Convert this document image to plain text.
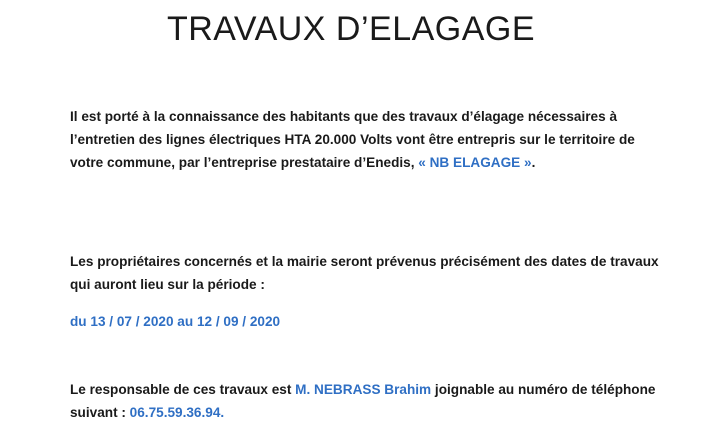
TRAVAUX D’ELAGAGE
Il est porté à la connaissance des habitants que des travaux d’élagage nécessaires à l’entretien des lignes électriques HTA 20.000 Volts vont être entrepris sur le territoire de votre commune, par l’entreprise prestataire d’Enedis, « NB ELAGAGE ».
Les propriétaires concernés et la mairie seront prévenus précisément des dates de travaux qui auront lieu sur la période :
du 13 / 07 / 2020 au 12 / 09 / 2020
Le responsable de ces travaux est M. NEBRASS Brahim joignable au numéro de téléphone suivant : 06.75.59.36.94.
